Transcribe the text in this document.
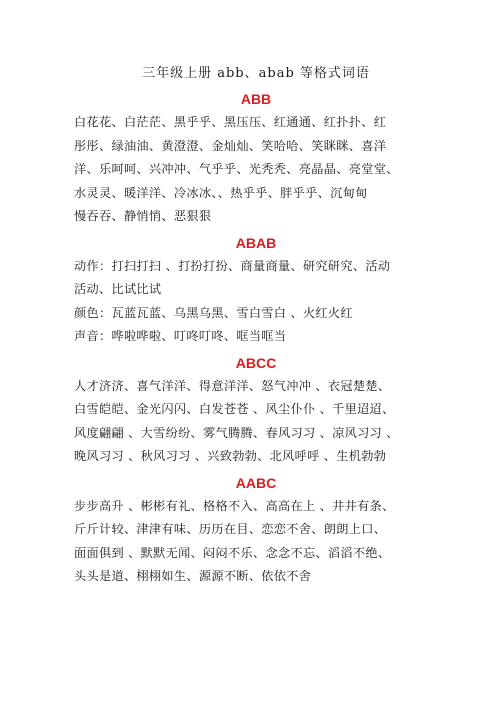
三年级上册 abb、abab 等格式词语
ABB

白花花、白茫茫、黑乎乎、黑压压、红通通、红扑扑、红

彤彤、绿油油、黄澄澄、金灿灿、笑哈哈、笑眯眯、喜洋

洋、乐呵呵、兴冲冲、气乎乎、光秃秃、亮晶晶、亮堂堂、

水灵灵、暖洋洋、冷冰冰、、热乎乎、胖乎乎、沉甸甸

慢吞吞、静悄悄、恶狠狠

ABAB

动作：打扫打扫 、打扮打扮、商量商量、研究研究、活动

活动、比试比试

颜色：瓦蓝瓦蓝、乌黑乌黑、雪白雪白 、火红火红

声音：哗啦哗啦、叮咚叮咚、哐当哐当

ABCC

人才济济、喜气洋洋、得意洋洋、怒气冲冲 、衣冠楚楚、

白雪皑皑、金光闪闪、白发苍苍 、风尘仆仆 、千里迢迢、

风度翩翩 、大雪纷纷、雾气腾腾、春风习习 、凉风习习 、

晚风习习 、秋风习习 、兴致勃勃、北风呼呼 、生机勃勃

AABC

步步高升 、彬彬有礼、格格不入、高高在上 、井井有条、

斤斤计较、津津有味、历历在目、恋恋不舍、朗朗上口、

面面俱到 、默默无闻、闷闷不乐、念念不忘、滔滔不绝、

头头是道、栩栩如生、源源不断、依依不舍
